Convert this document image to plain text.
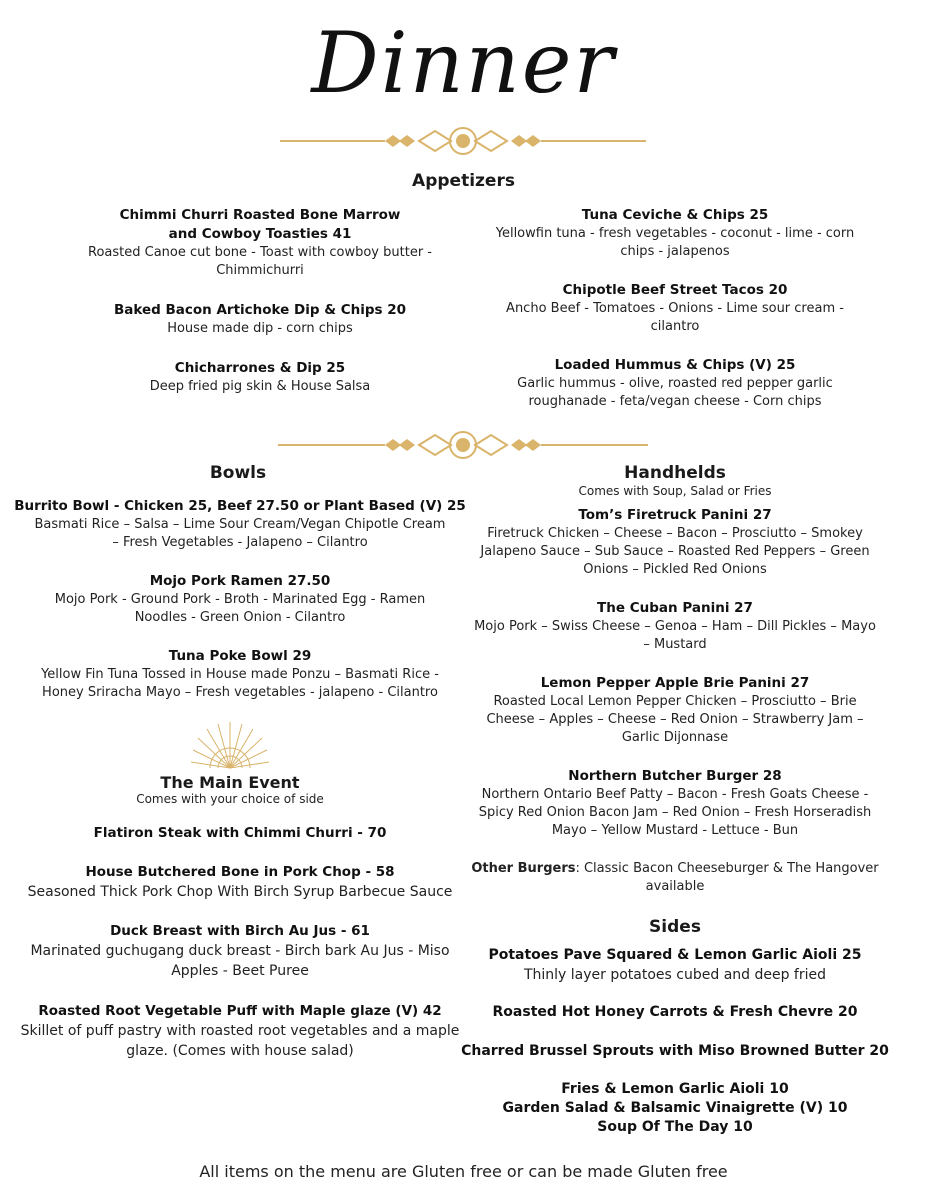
Dinner
Appetizers
Chimmi Churri Roasted Bone Marrow
and Cowboy Toasties 41
Roasted Canoe cut bone - Toast with cowboy butter -
Chimmichurri
Baked Bacon Artichoke Dip & Chips 20
House made dip - corn chips
Chicharrones & Dip 25
Deep fried pig skin & House Salsa
Tuna Ceviche & Chips 25
Yellowfin tuna - fresh vegetables - coconut - lime - corn
chips - jalapenos
Chipotle Beef Street Tacos 20
Ancho Beef - Tomatoes - Onions - Lime sour cream -
cilantro
Loaded Hummus & Chips (V) 25
Garlic hummus - olive, roasted red pepper garlic
roughanade - feta/vegan cheese - Corn chips
Bowls
Burrito Bowl - Chicken 25, Beef 27.50 or Plant Based (V) 25
Basmati Rice – Salsa – Lime Sour Cream/Vegan Chipotle Cream
– Fresh Vegetables - Jalapeno – Cilantro
Mojo Pork Ramen 27.50
Mojo Pork - Ground Pork - Broth - Marinated Egg - Ramen
Noodles - Green Onion - Cilantro
Tuna Poke Bowl 29
Yellow Fin Tuna Tossed in House made Ponzu – Basmati Rice -
Honey Sriracha Mayo – Fresh vegetables - jalapeno - Cilantro
The Main Event
Comes with your choice of side
Flatiron Steak with Chimmi Churri - 70
House Butchered Bone in Pork Chop - 58
Seasoned Thick Pork Chop With Birch Syrup Barbecue Sauce
Duck Breast with Birch Au Jus - 61
Marinated guchugang duck breast - Birch bark Au Jus - Miso
Apples - Beet Puree
Roasted Root Vegetable Puff with Maple glaze (V) 42
Skillet of puff pastry with roasted root vegetables and a maple
glaze. (Comes with house salad)
Handhelds
Comes with Soup, Salad or Fries
Tom’s Firetruck Panini 27
Firetruck Chicken – Cheese – Bacon – Prosciutto – Smokey
Jalapeno Sauce – Sub Sauce – Roasted Red Peppers – Green
Onions – Pickled Red Onions
The Cuban Panini 27
Mojo Pork – Swiss Cheese – Genoa – Ham – Dill Pickles – Mayo
– Mustard
Lemon Pepper Apple Brie Panini 27
Roasted Local Lemon Pepper Chicken – Prosciutto – Brie
Cheese – Apples – Cheese – Red Onion – Strawberry Jam –
Garlic Dijonnase
Northern Butcher Burger 28
Northern Ontario Beef Patty – Bacon - Fresh Goats Cheese -
Spicy Red Onion Bacon Jam – Red Onion – Fresh Horseradish
Mayo – Yellow Mustard - Lettuce - Bun
Other Burgers: Classic Bacon Cheeseburger & The Hangover
available
Sides
Potatoes Pave Squared & Lemon Garlic Aioli 25
Thinly layer potatoes cubed and deep fried
Roasted Hot Honey Carrots & Fresh Chevre 20
Charred Brussel Sprouts with Miso Browned Butter 20
Fries & Lemon Garlic Aioli 10
Garden Salad & Balsamic Vinaigrette (V) 10
Soup Of The Day 10
All items on the menu are Gluten free or can be made Gluten free
